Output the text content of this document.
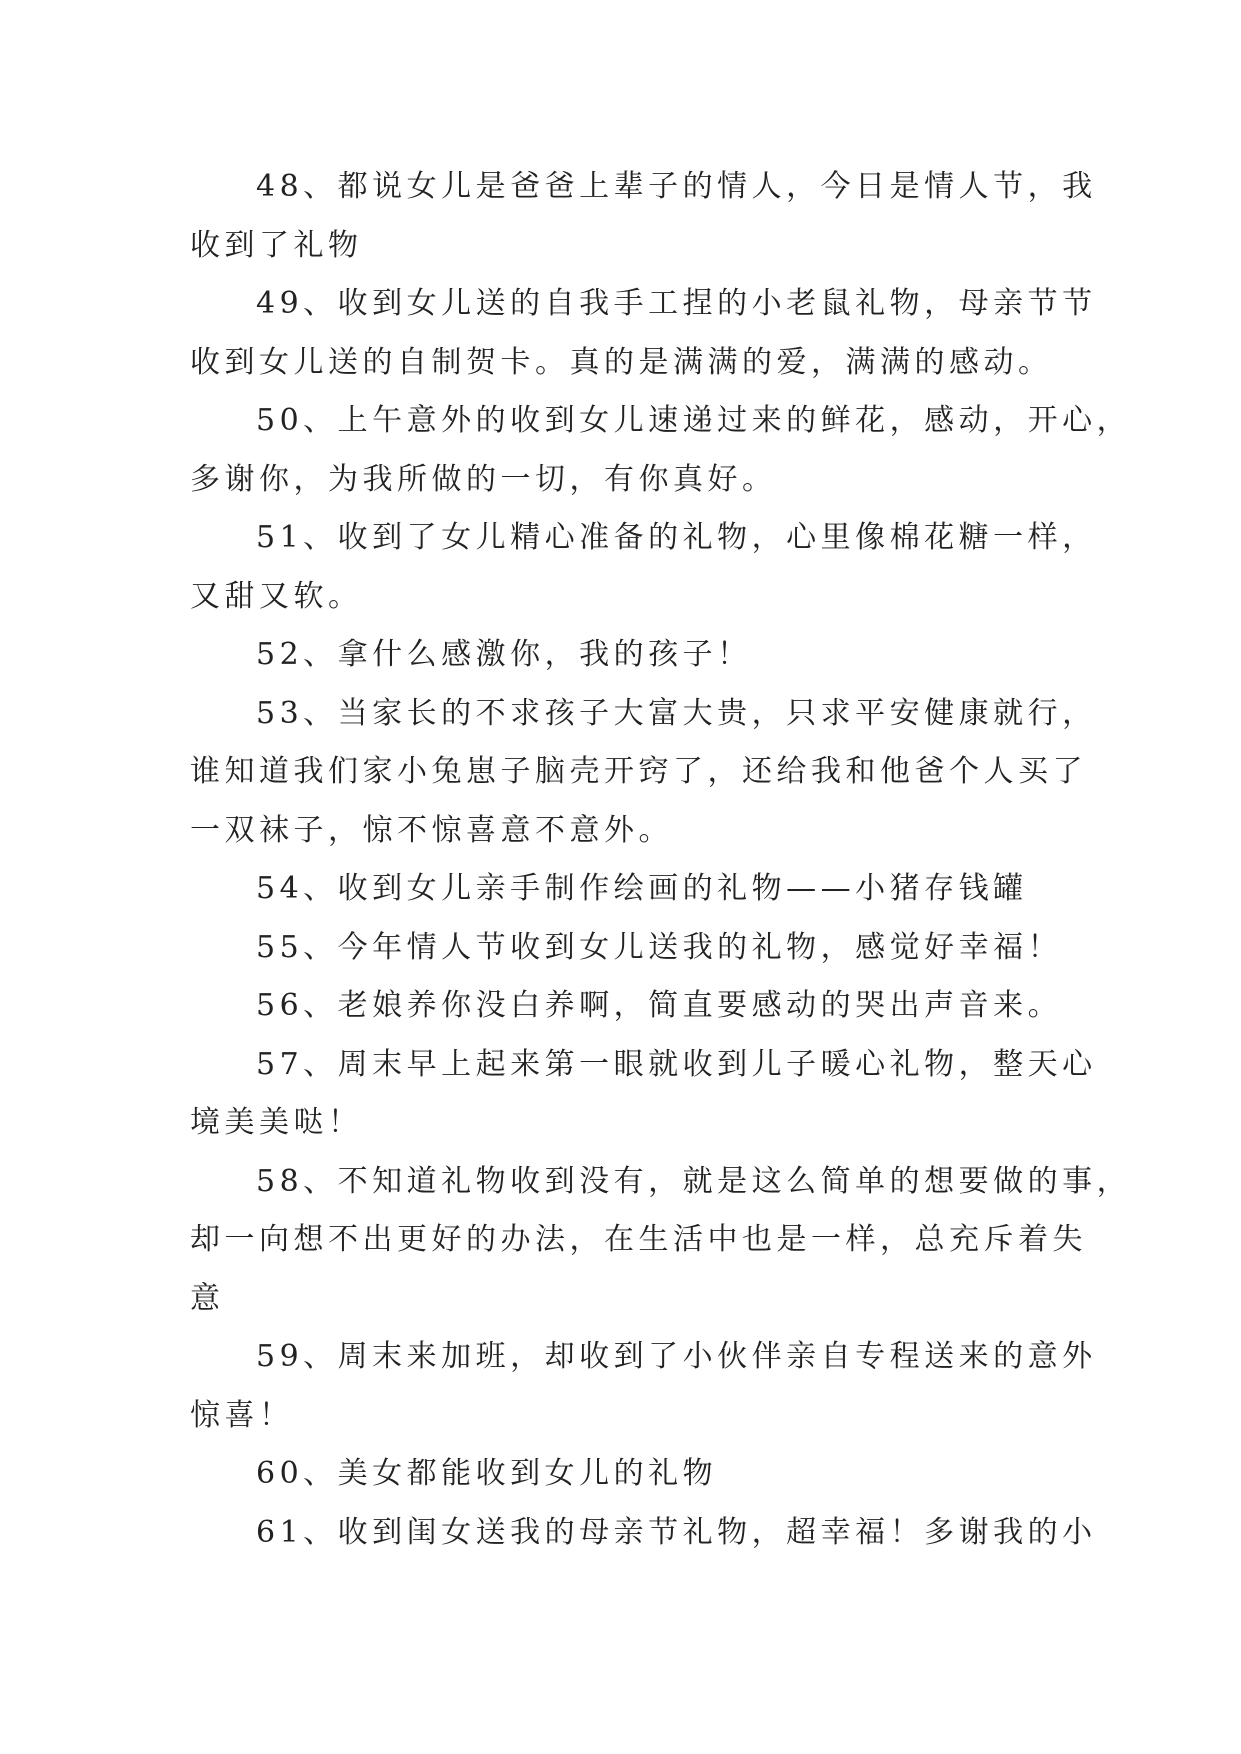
48、都说女儿是爸爸上辈子的情人，今日是情人节，我
收到了礼物

49、收到女儿送的自我手工捏的小老鼠礼物，母亲节节
收到女儿送的自制贺卡。真的是满满的爱，满满的感动。

50、上午意外的收到女儿速递过来的鲜花，感动，开心，
多谢你，为我所做的一切，有你真好。

51、收到了女儿精心准备的礼物，心里像棉花糖一样，
又甜又软。

52、拿什么感激你，我的孩子！

53、当家长的不求孩子大富大贵，只求平安健康就行，
谁知道我们家小兔崽子脑壳开窍了，还给我和他爸个人买了
一双袜子，惊不惊喜意不意外。

54、收到女儿亲手制作绘画的礼物——小猪存钱罐

55、今年情人节收到女儿送我的礼物，感觉好幸福！

56、老娘养你没白养啊，简直要感动的哭出声音来。

57、周末早上起来第一眼就收到儿子暖心礼物，整天心
境美美哒！

58、不知道礼物收到没有，就是这么简单的想要做的事，
却一向想不出更好的办法，在生活中也是一样，总充斥着失
意

59、周末来加班，却收到了小伙伴亲自专程送来的意外
惊喜！

60、美女都能收到女儿的礼物

61、收到闺女送我的母亲节礼物，超幸福！多谢我的小
